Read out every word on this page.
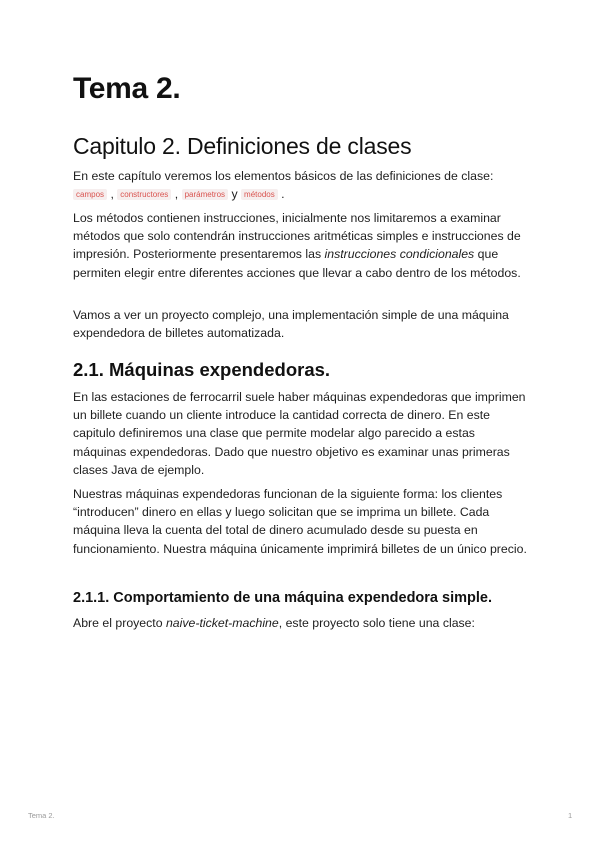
Tema 2.
Capitulo 2. Definiciones de clases

En este capítulo veremos los elementos básicos de las definiciones de clase:
campos , constructores , parámetros y métodos .

Los métodos contienen instrucciones, inicialmente nos limitaremos a examinar métodos que solo contendrán instrucciones aritméticas simples e instrucciones de impresión. Posteriormente presentaremos las instrucciones condicionales que permiten elegir entre diferentes acciones que llevar a cabo dentro de los métodos.

Vamos a ver un proyecto complejo, una implementación simple de una máquina expendedora de billetes automatizada.

2.1. Máquinas expendedoras.

En las estaciones de ferrocarril suele haber máquinas expendedoras que imprimen un billete cuando un cliente introduce la cantidad correcta de dinero. En este capitulo definiremos una clase que permite modelar algo parecido a estas máquinas expendedoras. Dado que nuestro objetivo es examinar unas primeras clases Java de ejemplo.

Nuestras máquinas expendedoras funcionan de la siguiente forma: los clientes “introducen” dinero en ellas y luego solicitan que se imprima un billete. Cada máquina lleva la cuenta del total de dinero acumulado desde su puesta en funcionamiento. Nuestra máquina únicamente imprimirá billetes de un único precio.

2.1.1. Comportamiento de una máquina expendedora simple.

Abre el proyecto naive-ticket-machine, este proyecto solo tiene una clase:

Tema 2.	1
